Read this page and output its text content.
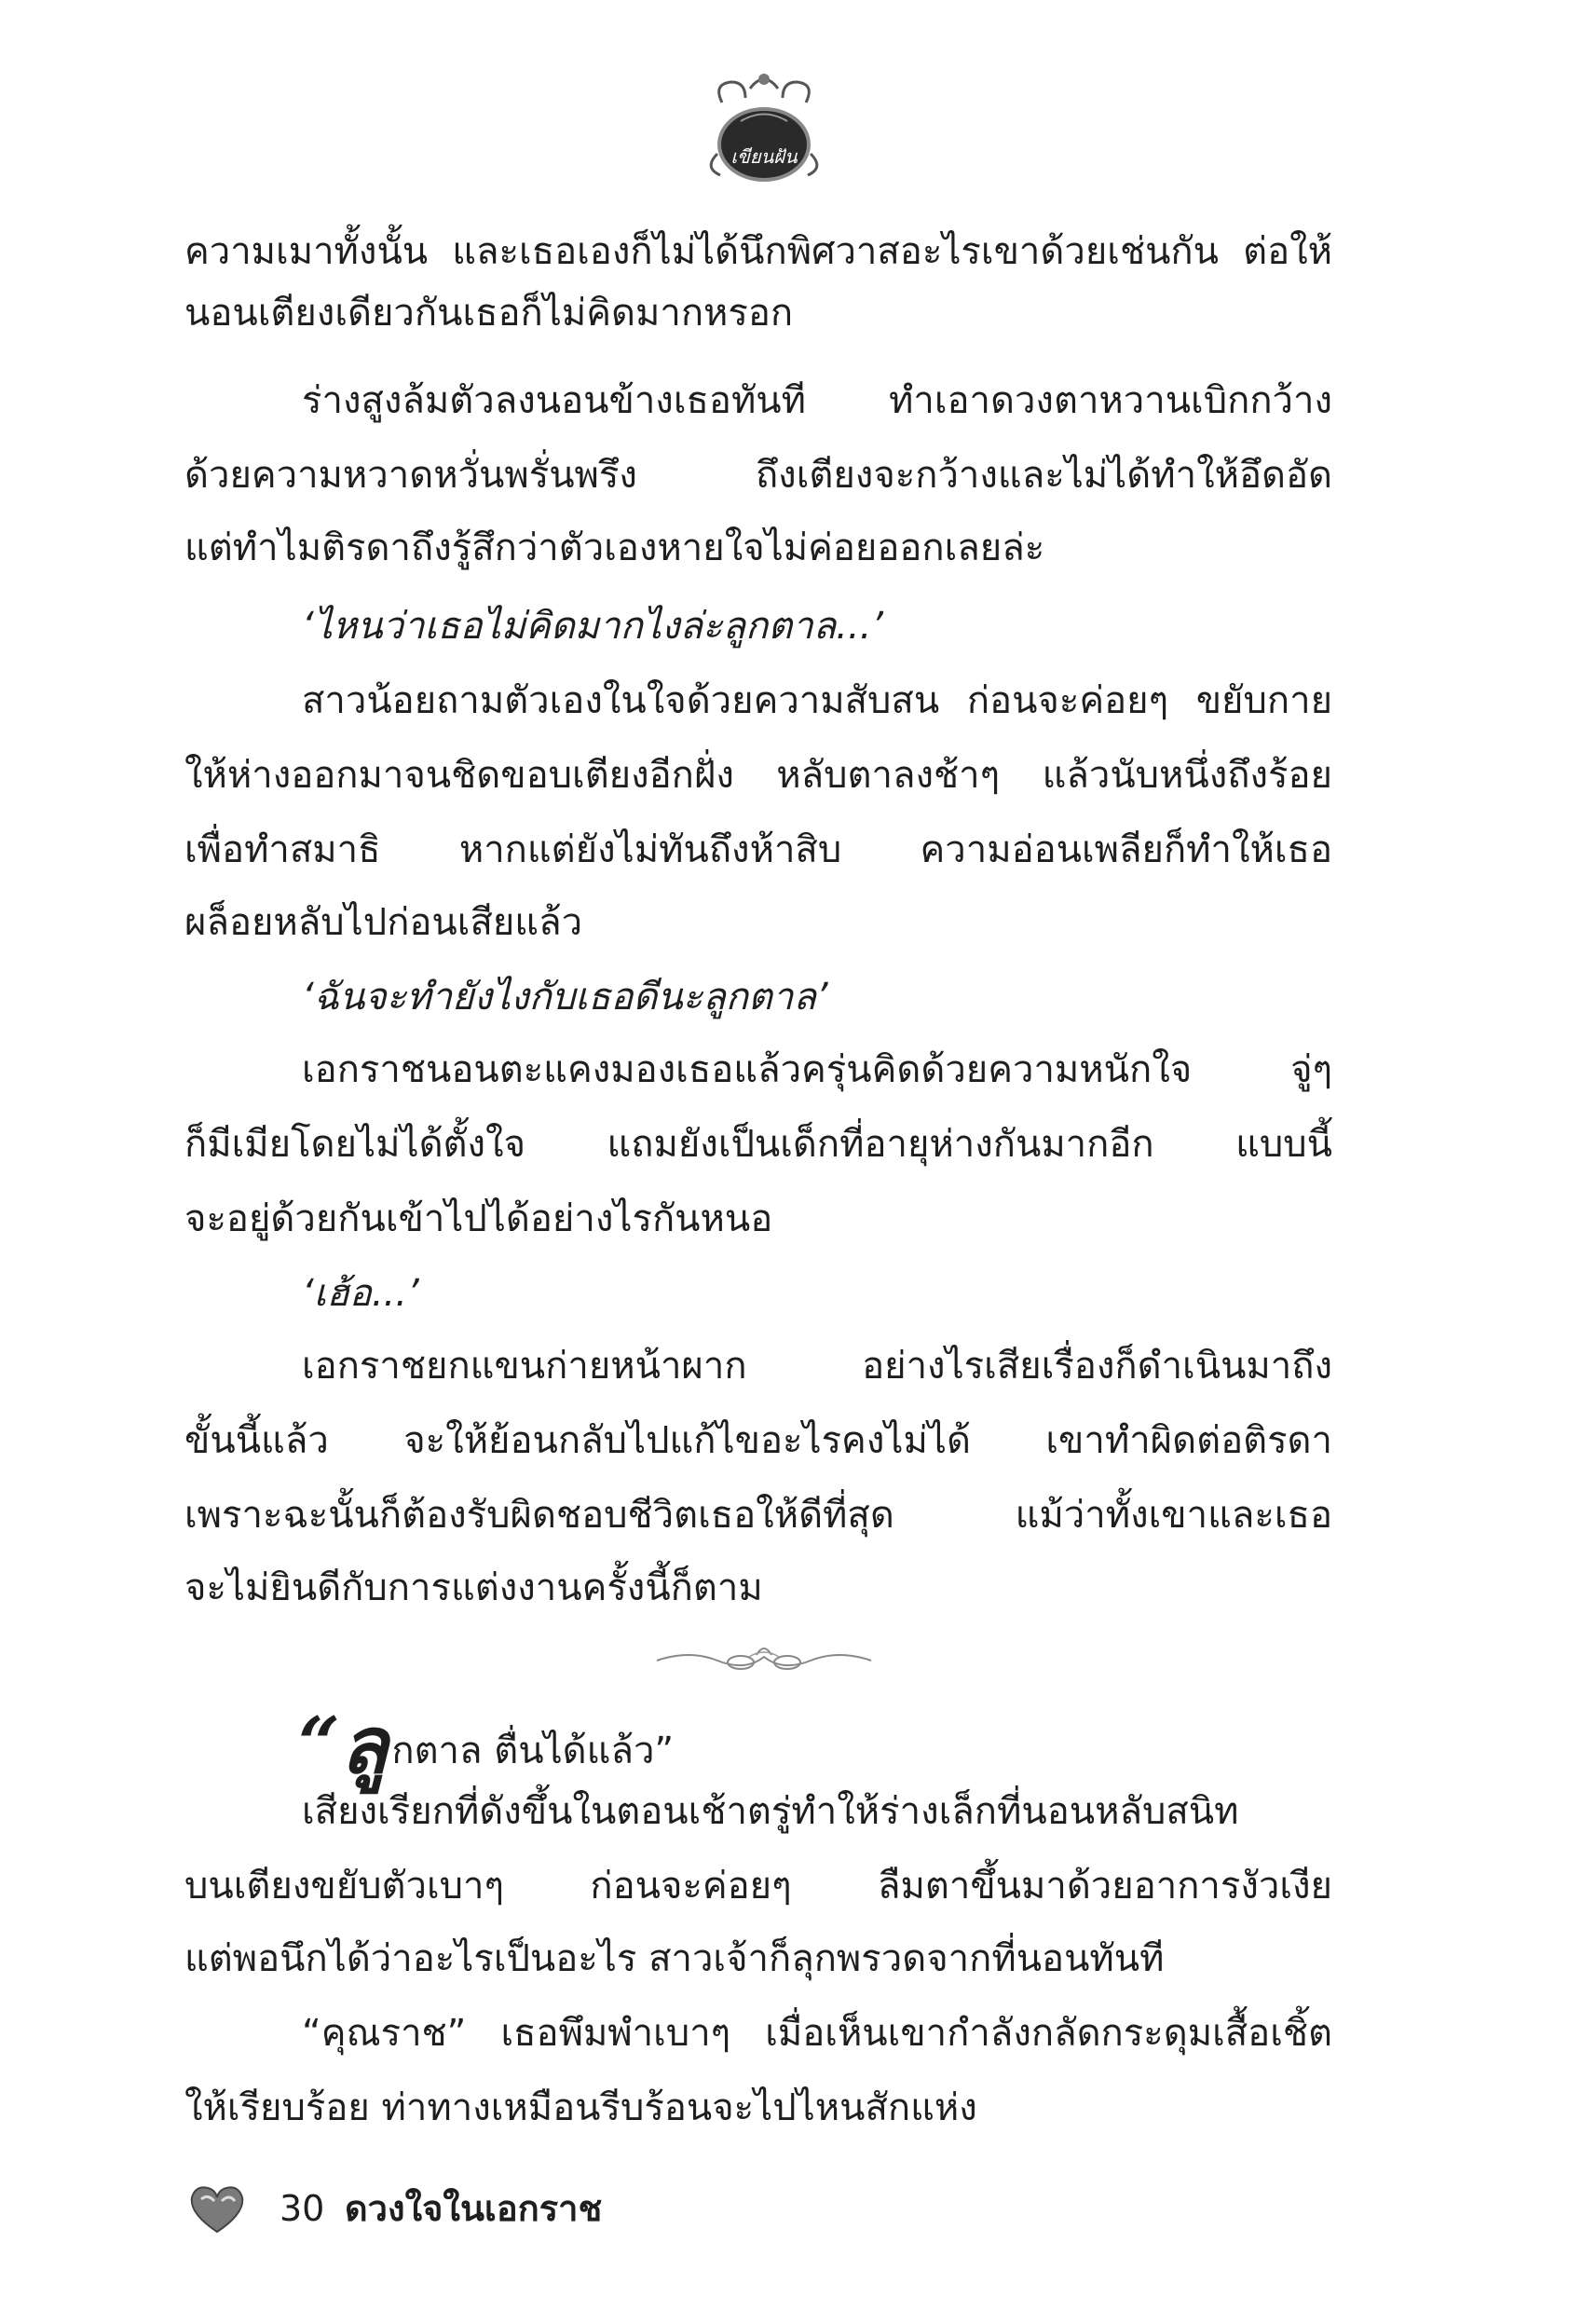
เขียนฝัน
ความเมาทั้งนั้น และเธอเองก็ไม่ได้นึกพิศวาสอะไรเขาด้วยเช่นกัน ต่อให้
นอนเตียงเดียวกันเธอก็ไม่คิดมากหรอก
ร่างสูงล้มตัวลงนอนข้างเธอทันที ทำเอาดวงตาหวานเบิกกว้าง
ด้วยความหวาดหวั่นพรั่นพรึง ถึงเตียงจะกว้างและไม่ได้ทำให้อึดอัด
แต่ทำไมติรดาถึงรู้สึกว่าตัวเองหายใจไม่ค่อยออกเลยล่ะ
‘ไหนว่าเธอไม่คิดมากไงล่ะลูกตาล...’
สาวน้อยถามตัวเองในใจด้วยความสับสน ก่อนจะค่อยๆ ขยับกาย
ให้ห่างออกมาจนชิดขอบเตียงอีกฝั่ง หลับตาลงช้าๆ แล้วนับหนึ่งถึงร้อย
เพื่อทำสมาธิ หากแต่ยังไม่ทันถึงห้าสิบ ความอ่อนเพลียก็ทำให้เธอ
ผล็อยหลับไปก่อนเสียแล้ว
‘ฉันจะทำยังไงกับเธอดีนะลูกตาล’
เอกราชนอนตะแคงมองเธอแล้วครุ่นคิดด้วยความหนักใจ จู่ๆ
ก็มีเมียโดยไม่ได้ตั้งใจ แถมยังเป็นเด็กที่อายุห่างกันมากอีก แบบนี้
จะอยู่ด้วยกันเข้าไปได้อย่างไรกันหนอ
‘เฮ้อ...’
เอกราชยกแขนก่ายหน้าผาก อย่างไรเสียเรื่องก็ดำเนินมาถึง
ขั้นนี้แล้ว จะให้ย้อนกลับไปแก้ไขอะไรคงไม่ได้ เขาทำผิดต่อติรดา
เพราะฉะนั้นก็ต้องรับผิดชอบชีวิตเธอให้ดีที่สุด แม้ว่าทั้งเขาและเธอ
จะไม่ยินดีกับการแต่งงานครั้งนี้ก็ตาม
เสียงเรียกที่ดังขึ้นในตอนเช้าตรู่ทำให้ร่างเล็กที่นอนหลับสนิท
บนเตียงขยับตัวเบาๆ ก่อนจะค่อยๆ ลืมตาขึ้นมาด้วยอาการงัวเงีย
แต่พอนึกได้ว่าอะไรเป็นอะไร สาวเจ้าก็ลุกพรวดจากที่นอนทันที
“คุณราช” เธอพึมพำเบาๆ เมื่อเห็นเขากำลังกลัดกระดุมเสื้อเชิ้ต
ให้เรียบร้อย ท่าทางเหมือนรีบร้อนจะไปไหนสักแห่ง
“ลู กตาล ตื่นได้แล้ว”
30 ดวงใจในเอกราช
